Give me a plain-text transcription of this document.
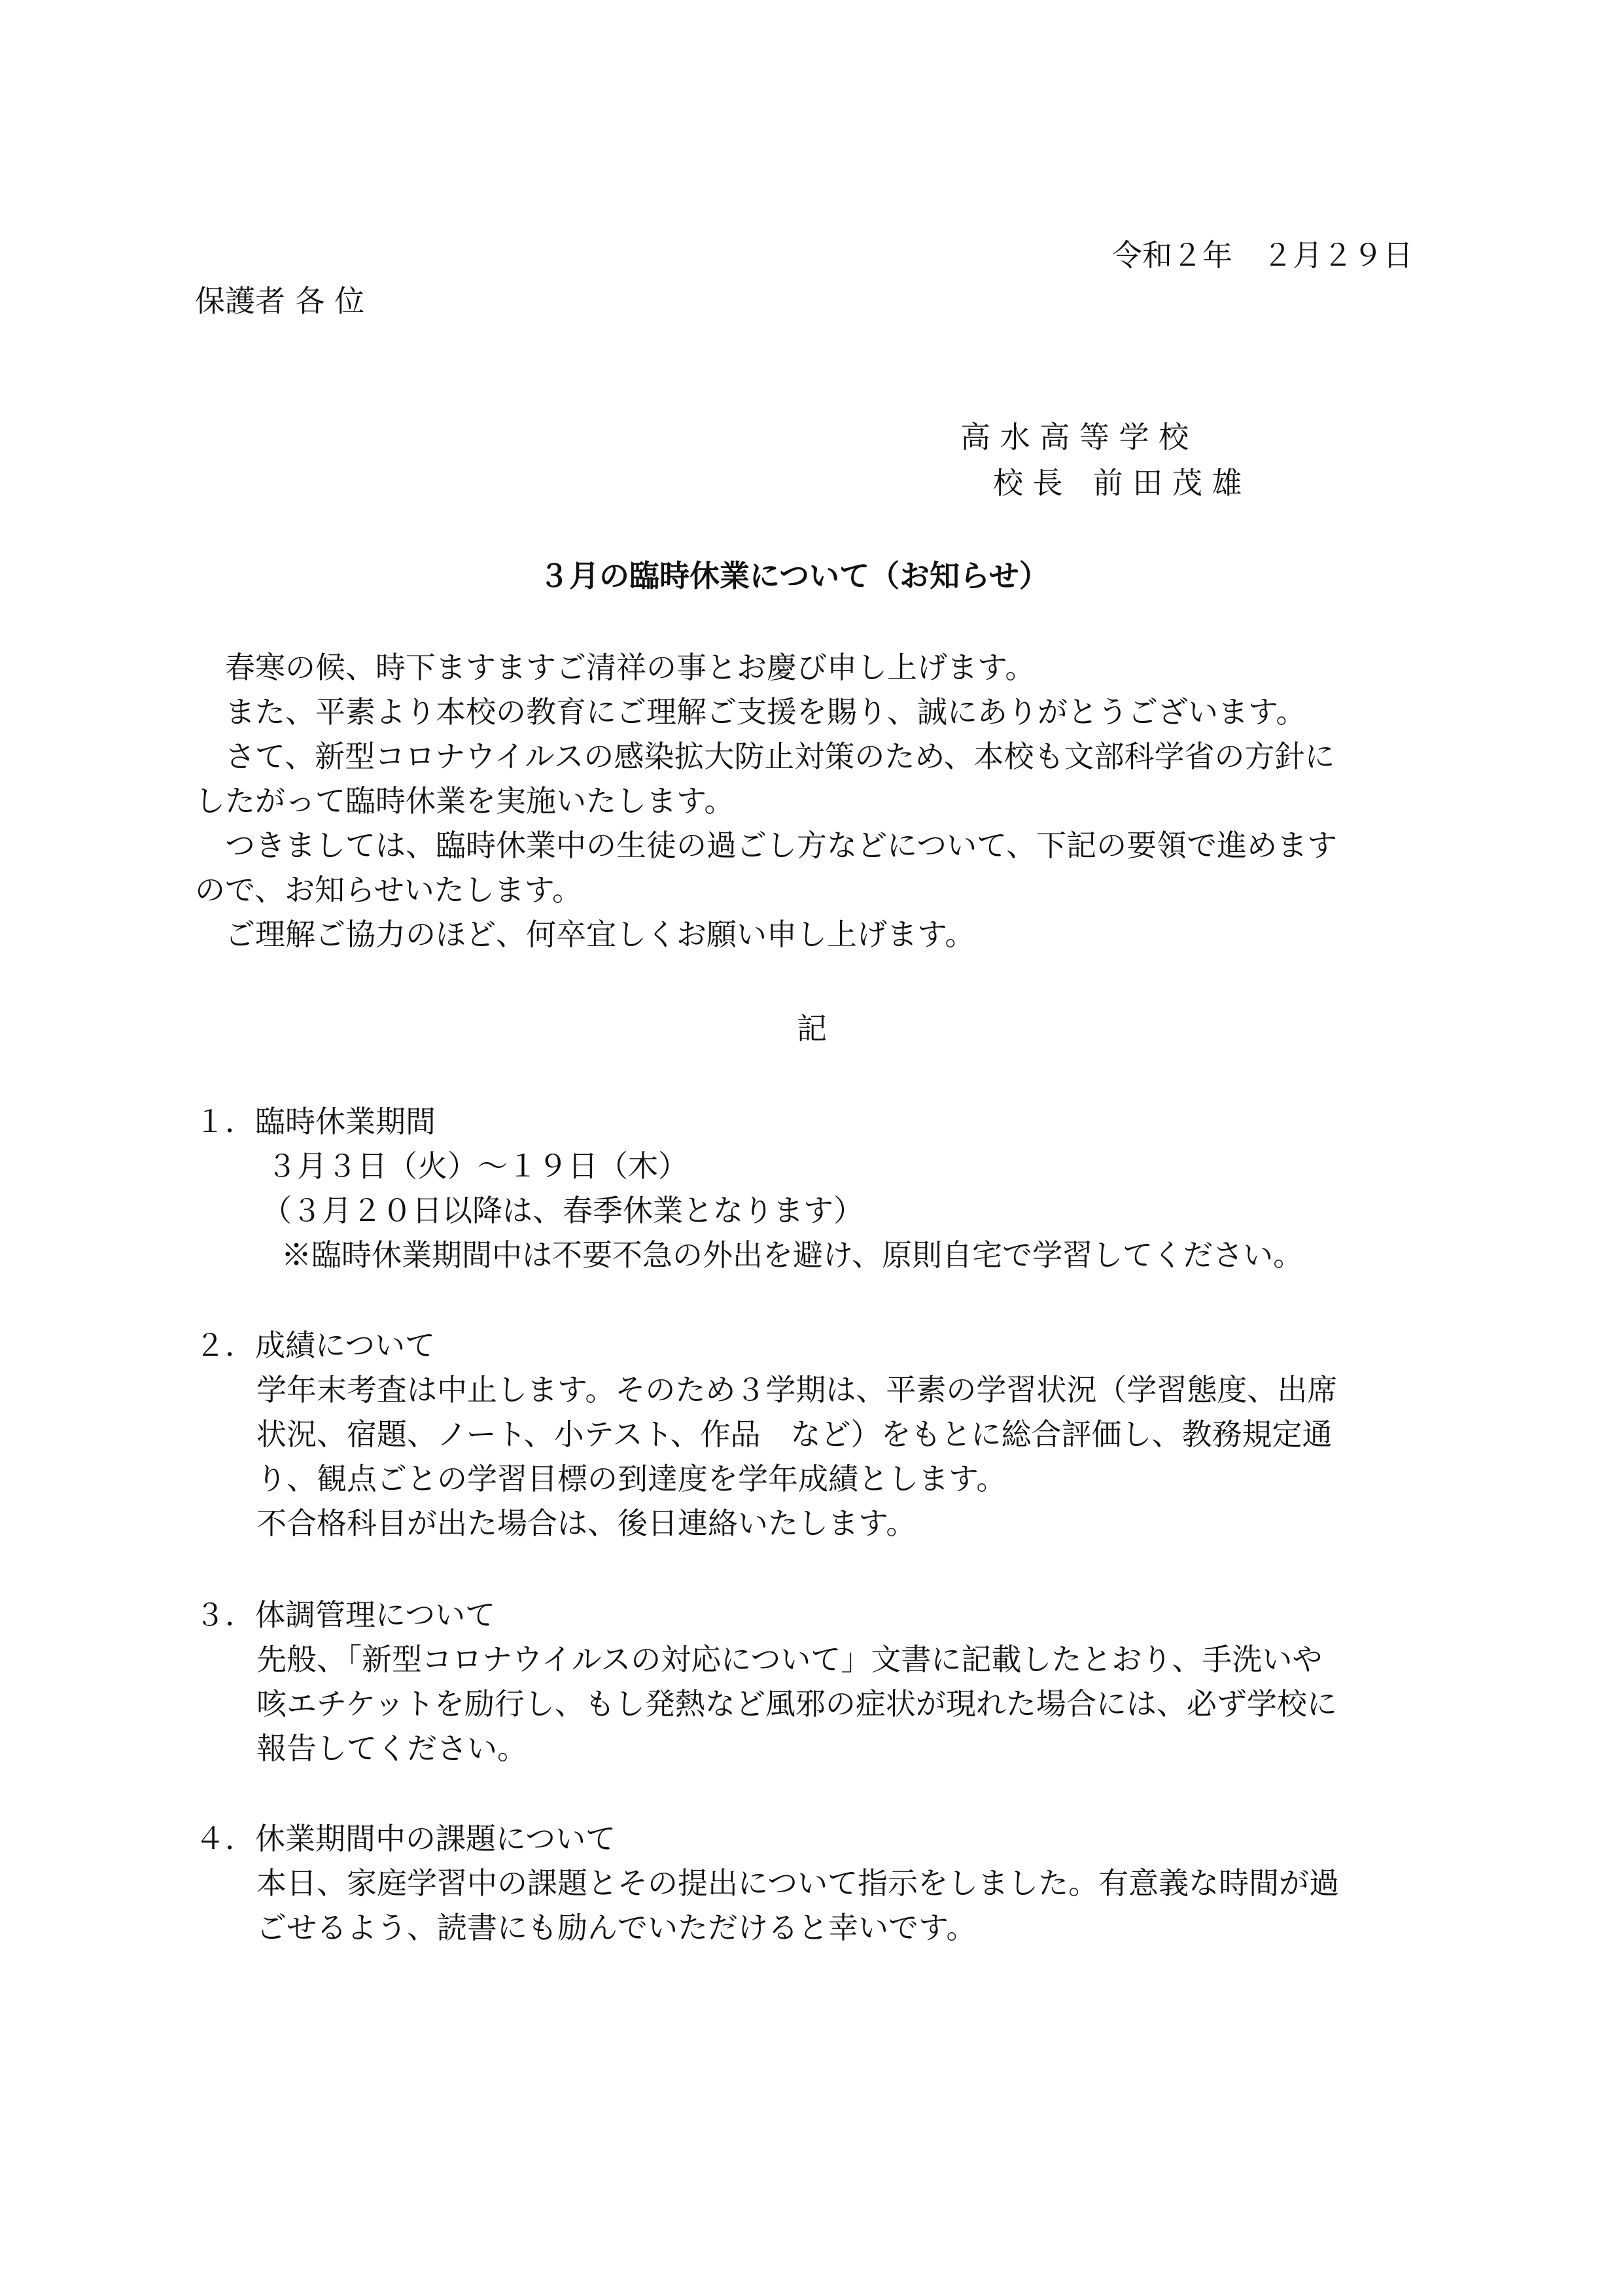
令和２年　２月２９日
保護者 各 位
高 水 高 等 学 校
校 長　前 田 茂 雄
３月の臨時休業について（お知らせ）
　春寒の候、時下ますますご清祥の事とお慶び申し上げます。
　また、平素より本校の教育にご理解ご支援を賜り、誠にありがとうございます。
　さて、新型コロナウイルスの感染拡大防止対策のため、本校も文部科学省の方針に
したがって臨時休業を実施いたします。
　つきましては、臨時休業中の生徒の過ごし方などについて、下記の要領で進めます
ので、お知らせいたします。
　ご理解ご協力のほど、何卒宜しくお願い申し上げます。
記
１．臨時休業期間
３月３日（火）～１９日（木）
（３月２０日以降は、春季休業となります）
※臨時休業期間中は不要不急の外出を避け、原則自宅で学習してください。
２．成績について
学年末考査は中止します。そのため３学期は、平素の学習状況（学習態度、出席
状況、宿題、ノート、小テスト、作品　など）をもとに総合評価し、教務規定通
り、観点ごとの学習目標の到達度を学年成績とします。
不合格科目が出た場合は、後日連絡いたします。
３．体調管理について
先般、「新型コロナウイルスの対応について」文書に記載したとおり、手洗いや
咳エチケットを励行し、もし発熱など風邪の症状が現れた場合には、必ず学校に
報告してください。
４．休業期間中の課題について
本日、家庭学習中の課題とその提出について指示をしました。有意義な時間が過
ごせるよう、読書にも励んでいただけると幸いです。
